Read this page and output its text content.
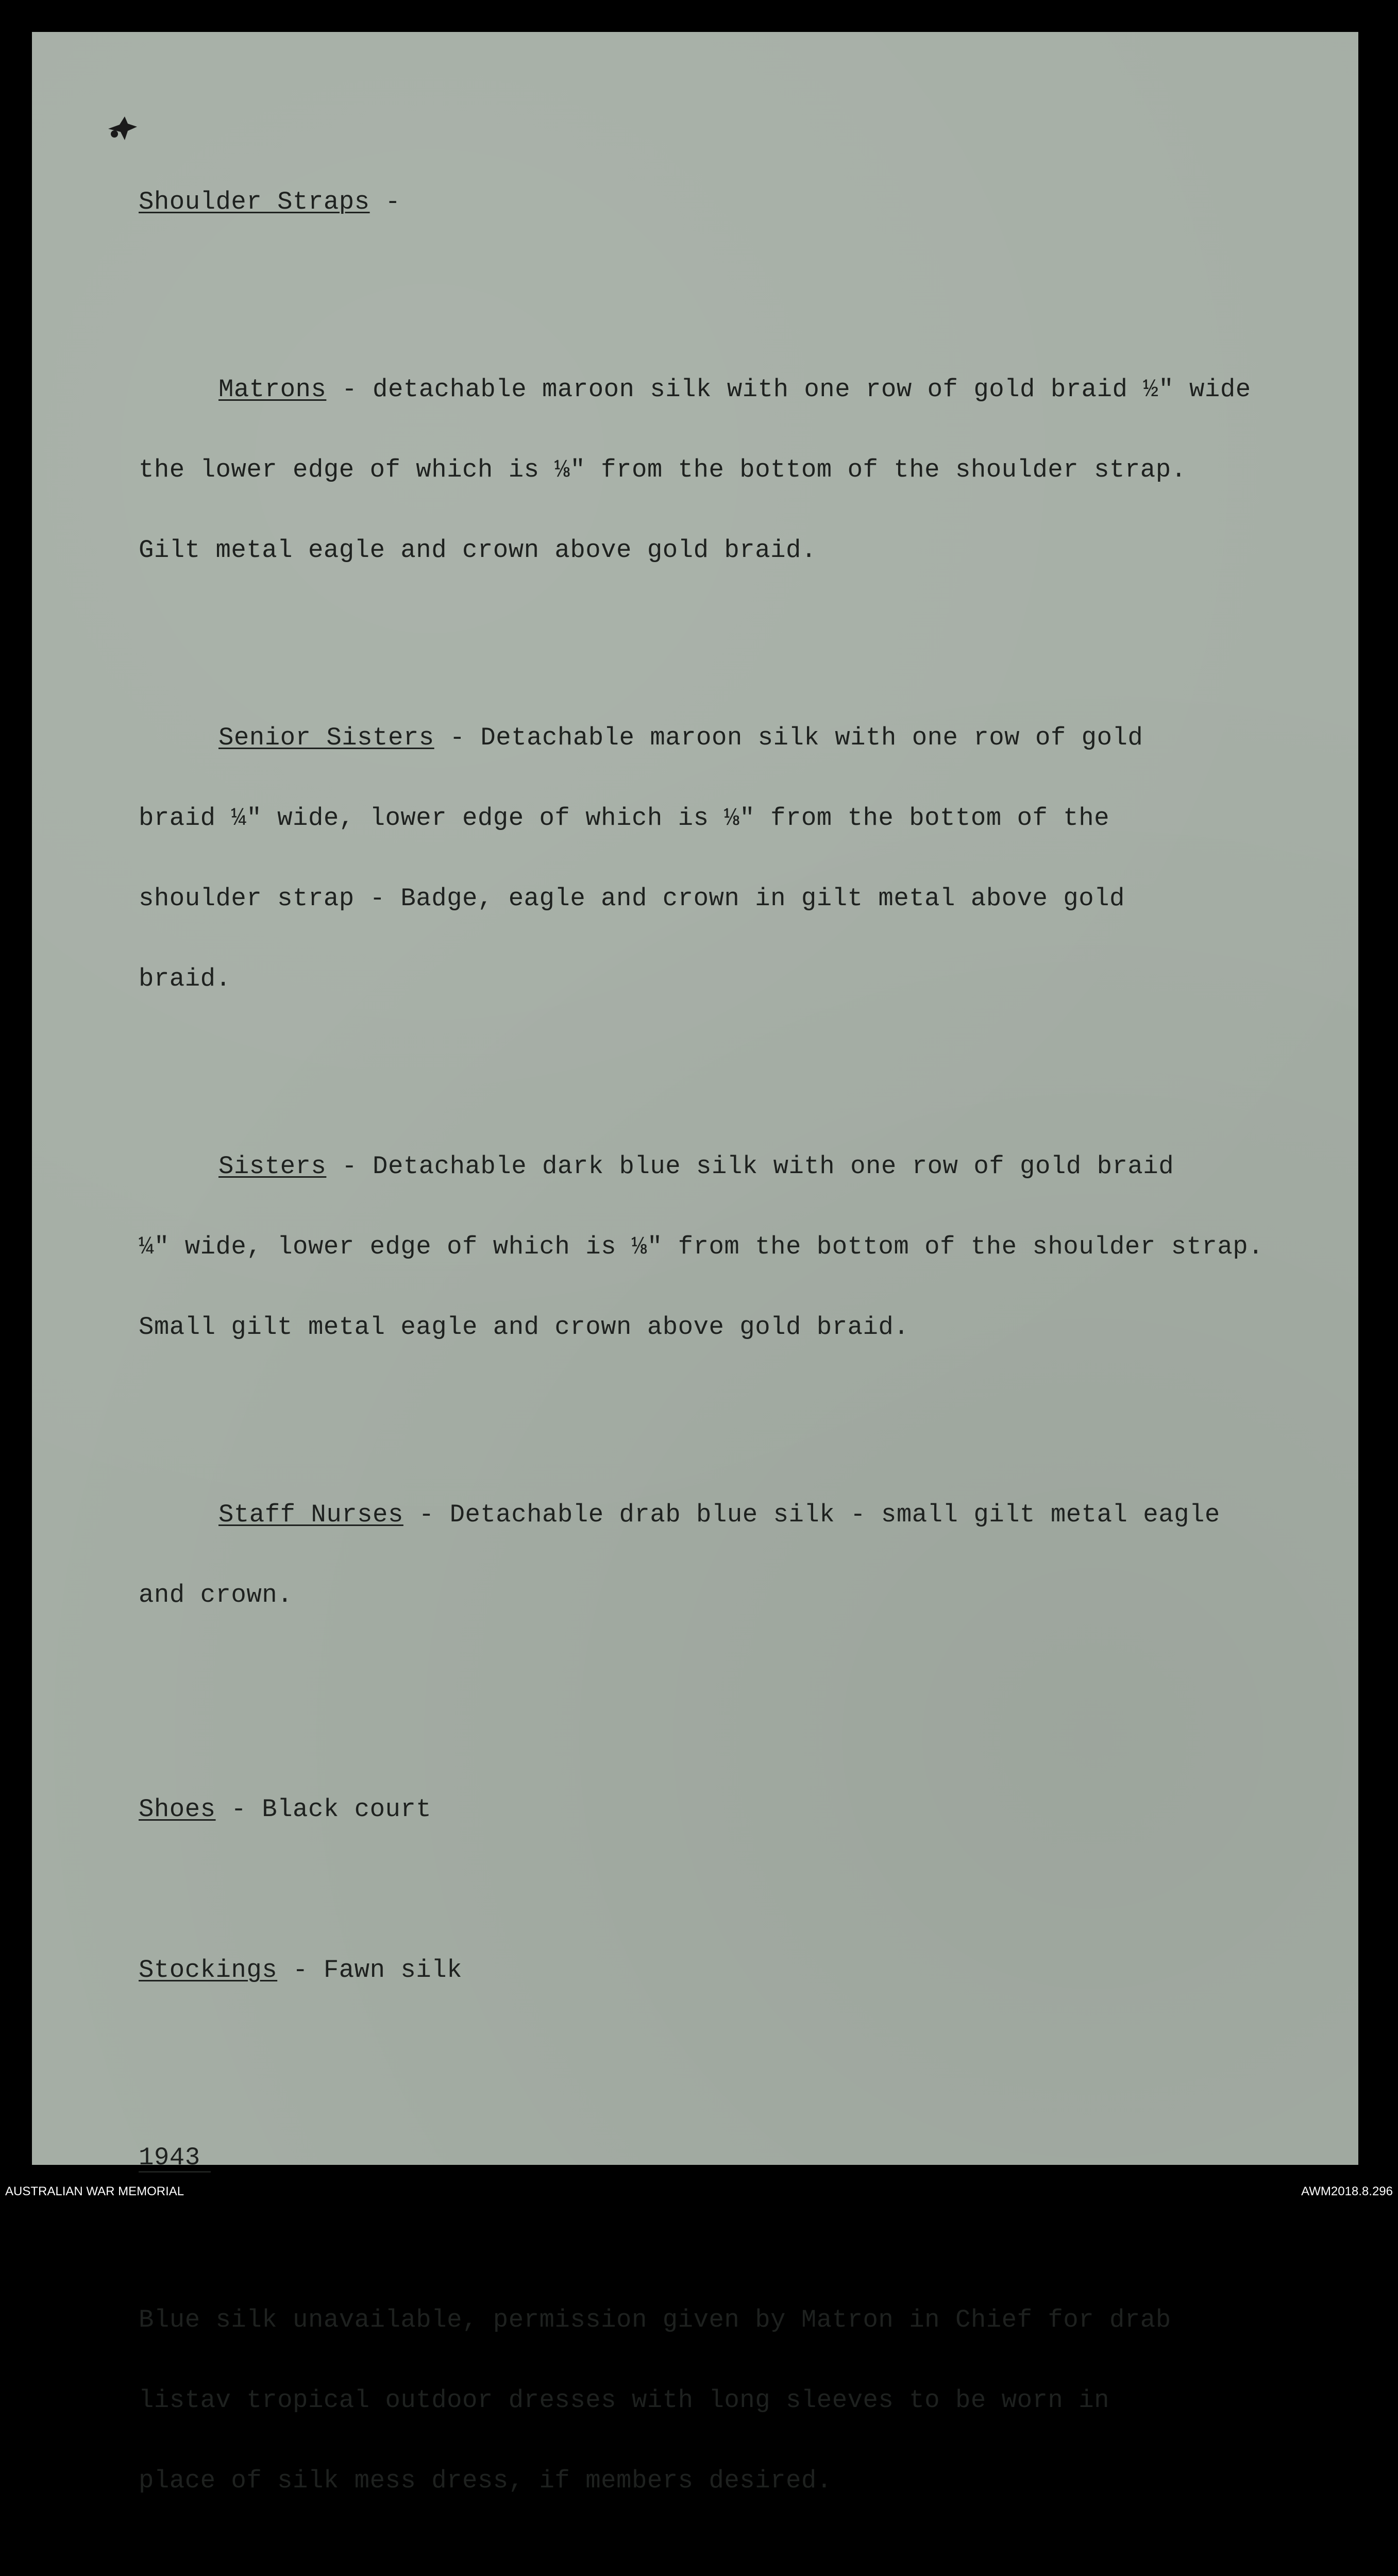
Shoulder Straps -

Matrons - detachable maroon silk with one row of gold braid ½" wide

the lower edge of which is ⅛" from the bottom of the shoulder strap.

Gilt metal eagle and crown above gold braid.

Senior Sisters - Detachable maroon silk with one row of gold

braid ¼" wide, lower edge of which is ⅛" from the bottom of the

shoulder strap - Badge, eagle and crown in gilt metal above gold

braid.

Sisters - Detachable dark blue silk with one row of gold braid

¼" wide, lower edge of which is ⅛" from the bottom of the shoulder strap.

Small gilt metal eagle and crown above gold braid.

Staff Nurses - Detachable drab blue silk - small gilt metal eagle

and crown.

Shoes - Black court

Stockings - Fawn silk

1943

Blue silk unavailable, permission given by Matron in Chief for drab

listav tropical outdoor dresses with long sleeves to be worn in

place of silk mess dress, if members desired.

AUSTRALIAN WAR MEMORIAL	AWM2018.8.296
